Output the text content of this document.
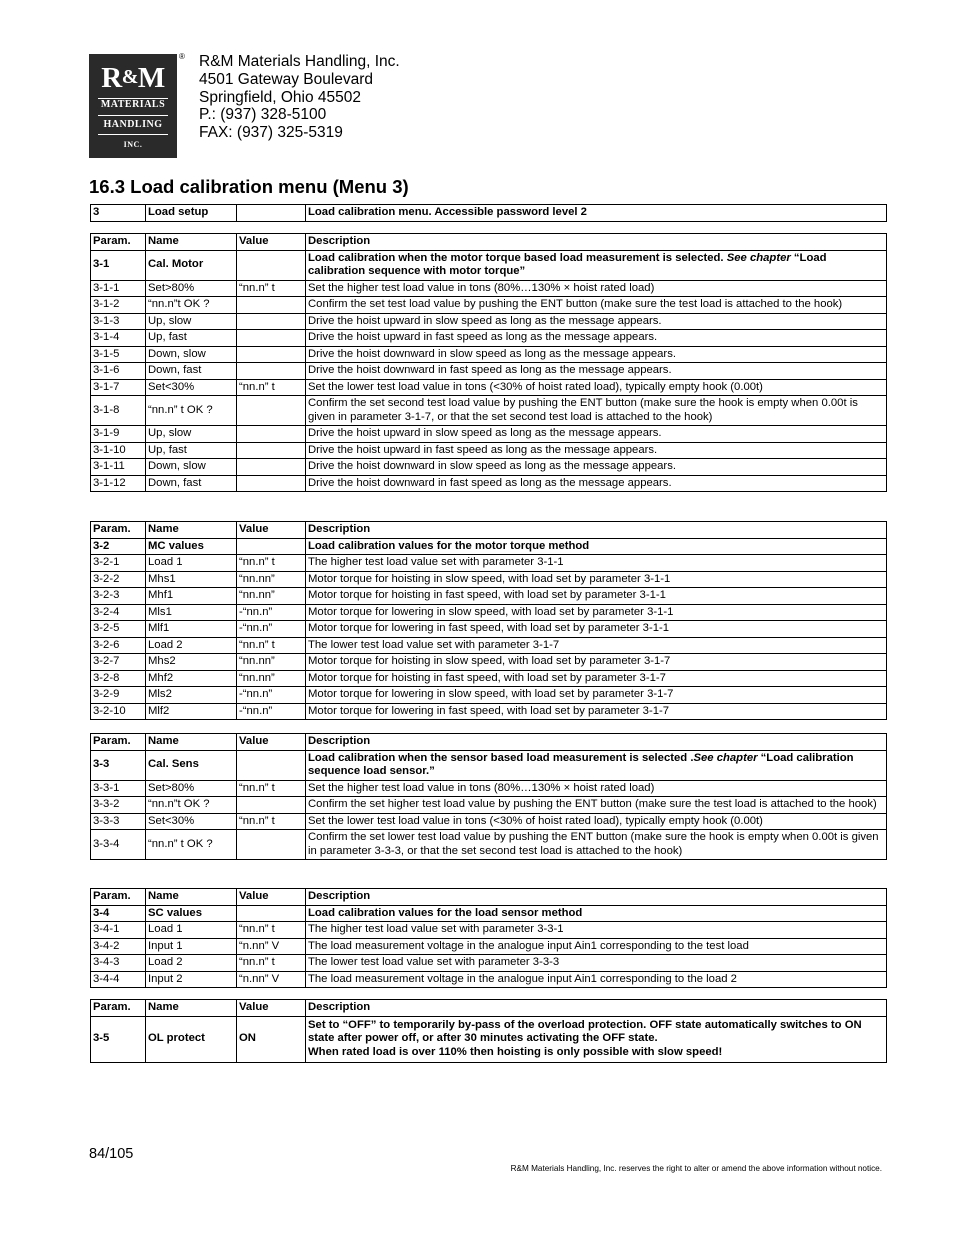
R&M
MATERIALS
HANDLING
INC.
® R&M Materials Handling, Inc.
4501 Gateway Boulevard
Springfield, Ohio 45502
P.: (937) 328-5100
FAX: (937) 325-5319
16.3 Load calibration menu (Menu 3)
3	Load setup		Load calibration menu. Accessible password level 2
Param.	Name	Value	Description
3-1	Cal. Motor		Load calibration when the motor torque based load measurement is selected. See chapter “Load calibration sequence with motor torque”
3-1-1	Set>80%	“nn.n” t	Set the higher test load value in tons (80%…130% × hoist rated load)
3-1-2	“nn.n”t OK ?		Confirm the set test load value by pushing the ENT button (make sure the test load is attached to the hook)
3-1-3	Up, slow		Drive the hoist upward in slow speed as long as the message appears.
3-1-4	Up, fast		Drive the hoist upward in fast speed as long as the message appears.
3-1-5	Down, slow		Drive the hoist downward in slow speed as long as the message appears.
3-1-6	Down, fast		Drive the hoist downward in fast speed as long as the message appears.
3-1-7	Set<30%	“nn.n” t	Set the lower test load value in tons (<30% of hoist rated load), typically empty hook (0.00t)
3-1-8	“nn.n” t OK ?		Confirm the set second test load value by pushing the ENT button (make sure the hook is empty when 0.00t is given in parameter 3-1-7, or that the set second test load is attached to the hook)
3-1-9	Up, slow		Drive the hoist upward in slow speed as long as the message appears.
3-1-10	Up, fast		Drive the hoist upward in fast speed as long as the message appears.
3-1-11	Down, slow		Drive the hoist downward in slow speed as long as the message appears.
3-1-12	Down, fast		Drive the hoist downward in fast speed as long as the message appears.
Param.	Name	Value	Description
3-2	MC values		Load calibration values for the motor torque method
3-2-1	Load 1	“nn.n” t	The higher test load value set with parameter 3-1-1
3-2-2	Mhs1	“nn.nn”	Motor torque for hoisting in slow speed, with load set by parameter 3-1-1
3-2-3	Mhf1	“nn.nn”	Motor torque for hoisting in fast speed, with load set by parameter 3-1-1
3-2-4	Mls1	-“nn.n”	Motor torque for lowering in slow speed, with load set by parameter 3-1-1
3-2-5	Mlf1	-“nn.n”	Motor torque for lowering in fast speed, with load set by parameter 3-1-1
3-2-6	Load 2	“nn.n” t	The lower test load value set with parameter 3-1-7
3-2-7	Mhs2	“nn.nn”	Motor torque for hoisting in slow speed, with load set by parameter 3-1-7
3-2-8	Mhf2	“nn.nn”	Motor torque for hoisting in fast speed, with load set by parameter 3-1-7
3-2-9	Mls2	-“nn.n”	Motor torque for lowering in slow speed, with load set by parameter 3-1-7
3-2-10	Mlf2	-“nn.n”	Motor torque for lowering in fast speed, with load set by parameter 3-1-7
Param.	Name	Value	Description
3-3	Cal. Sens		Load calibration when the sensor based load measurement is selected .See chapter “Load calibration sequence load sensor.”
3-3-1	Set>80%	“nn.n” t	Set the higher test load value in tons (80%…130% × hoist rated load)
3-3-2	“nn.n”t OK ?		Confirm the set higher test load value by pushing the ENT button (make sure the test load is attached to the hook)
3-3-3	Set<30%	“nn.n” t	Set the lower test load value in tons (<30% of hoist rated load), typically empty hook (0.00t)
3-3-4	“nn.n” t OK ?		Confirm the set lower test load value by pushing the ENT button (make sure the hook is empty when 0.00t is given in parameter 3-3-3, or that the set second test load is attached to the hook)
Param.	Name	Value	Description
3-4	SC values		Load calibration values for the load sensor method
3-4-1	Load 1	“nn.n” t	The higher test load value set with parameter 3-3-1
3-4-2	Input 1	“n.nn” V	The load measurement voltage in the analogue input Ain1 corresponding to the test load
3-4-3	Load 2	“nn.n” t	The lower test load value set with parameter 3-3-3
3-4-4	Input 2	“n.nn” V	The load measurement voltage in the analogue input Ain1 corresponding to the load 2
Param.	Name	Value	Description
3-5	OL protect	ON	Set to “OFF” to temporarily by-pass of the overload protection. OFF state automatically switches to ON state after power off, or after 30 minutes activating the OFF state.
When rated load is over 110% then hoisting is only possible with slow speed!
84/105
R&M Materials Handling, Inc. reserves the right to alter or amend the above information without notice.
